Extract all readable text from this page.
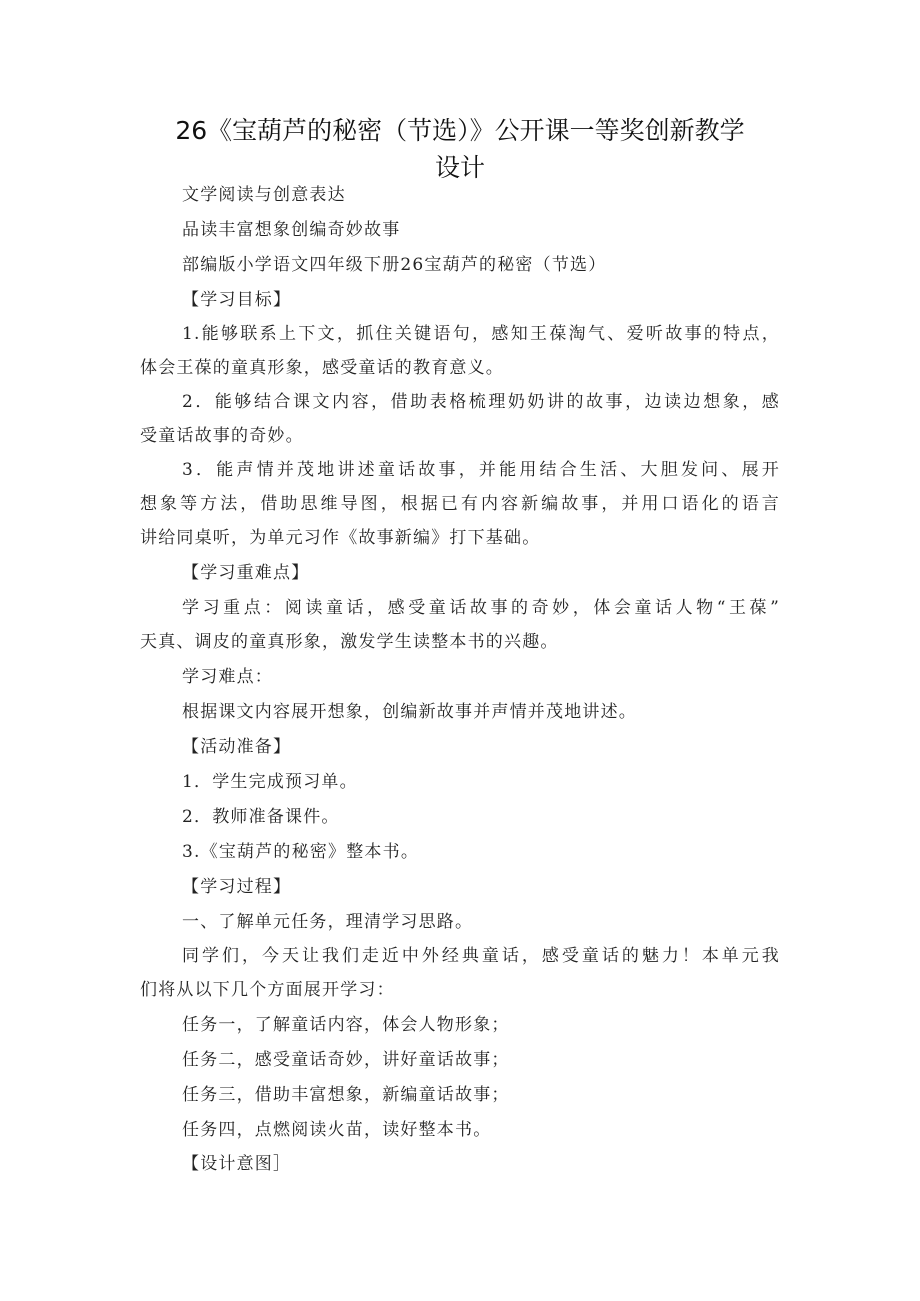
26《宝葫芦的秘密（节选）》公开课一等奖创新教学
设计
文学阅读与创意表达
品读丰富想象创编奇妙故事
部编版小学语文四年级下册26宝葫芦的秘密（节选）
【学习目标】
1.能够联系上下文，抓住关键语句，感知王葆淘气、爱听故事的特点，
体会王葆的童真形象，感受童话的教育意义。
2．能够结合课文内容，借助表格梳理奶奶讲的故事，边读边想象，感
受童话故事的奇妙。
3．能声情并茂地讲述童话故事，并能用结合生活、大胆发问、展开
想象等方法，借助思维导图，根据已有内容新编故事，并用口语化的语言
讲给同桌听，为单元习作《故事新编》打下基础。
【学习重难点】
学习重点：阅读童话，感受童话故事的奇妙，体会童话人物“王葆”
天真、调皮的童真形象，激发学生读整本书的兴趣。
学习难点：
根据课文内容展开想象，创编新故事并声情并茂地讲述。
【活动准备】
1．学生完成预习单。
2．教师准备课件。
3.《宝葫芦的秘密》整本书。
【学习过程】
一、了解单元任务，理清学习思路。
同学们，今天让我们走近中外经典童话，感受童话的魅力！本单元我
们将从以下几个方面展开学习：
任务一，了解童话内容，体会人物形象；
任务二，感受童话奇妙，讲好童话故事；
任务三，借助丰富想象，新编童话故事；
任务四，点燃阅读火苗，读好整本书。
【设计意图］
